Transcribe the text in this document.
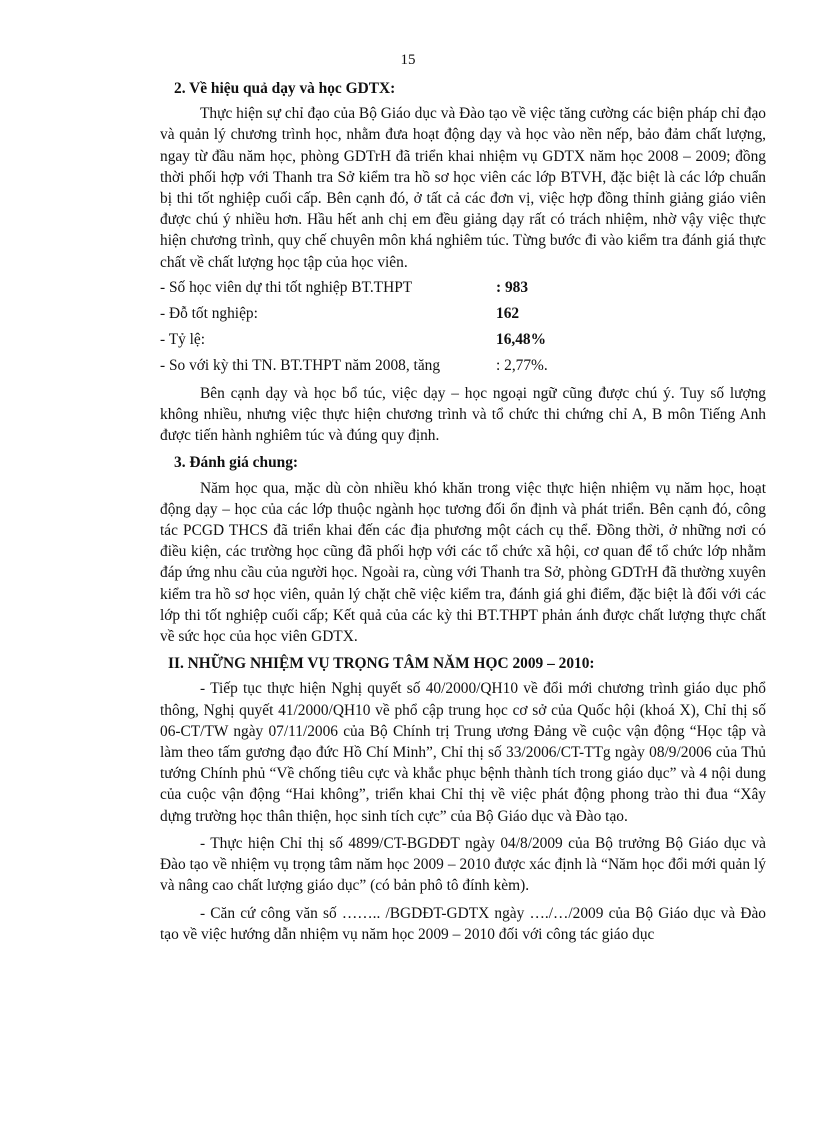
15
2. Về hiệu quả dạy và học GDTX:

Thực hiện sự chỉ đạo của Bộ Giáo dục và Đào tạo về việc tăng cường các biện pháp chỉ đạo và quản lý chương trình học, nhằm đưa hoạt động dạy và học vào nền nếp, bảo đảm chất lượng, ngay từ đầu năm học, phòng GDTrH đã triển khai nhiệm vụ GDTX năm học 2008 – 2009; đồng thời phối hợp với Thanh tra Sở kiểm tra hồ sơ học viên các lớp BTVH, đặc biệt là các lớp chuẩn bị thi tốt nghiệp cuối cấp. Bên cạnh đó, ở tất cả các đơn vị, việc hợp đồng thỉnh giảng giáo viên được chú ý nhiều hơn. Hầu hết anh chị em đều giảng dạy rất có trách nhiệm, nhờ vậy việc thực hiện chương trình, quy chế chuyên môn khá nghiêm túc. Từng bước đi vào kiểm tra đánh giá thực chất về chất lượng học tập của học viên.

- Số học viên dự thi tốt nghiệp BT.THPT	: 983
- Đỗ tốt nghiệp:	162
- Tỷ lệ:	16,48%
- So với kỳ thi TN. BT.THPT năm 2008, tăng	: 2,77%.

Bên cạnh dạy và học bổ túc, việc dạy – học ngoại ngữ cũng được chú ý. Tuy số lượng không nhiều, nhưng việc thực hiện chương trình và tổ chức thi chứng chỉ A, B môn Tiếng Anh được tiến hành nghiêm túc và đúng quy định.

3. Đánh giá chung:

Năm học qua, mặc dù còn nhiều khó khăn trong việc thực hiện nhiệm vụ năm học, hoạt động dạy – học của các lớp thuộc ngành học tương đối ổn định và phát triển. Bên cạnh đó, công tác PCGD THCS đã triển khai đến các địa phương một cách cụ thể. Đồng thời, ở những nơi có điều kiện, các trường học cũng đã phối hợp với các tổ chức xã hội, cơ quan để tổ chức lớp nhằm đáp ứng nhu cầu của người học. Ngoài ra, cùng với Thanh tra Sở, phòng GDTrH đã thường xuyên kiểm tra hồ sơ học viên, quản lý chặt chẽ việc kiểm tra, đánh giá ghi điểm, đặc biệt là đối với các lớp thi tốt nghiệp cuối cấp; Kết quả của các kỳ thi BT.THPT phản ánh được chất lượng thực chất về sức học của học viên GDTX.

II. NHỮNG NHIỆM VỤ TRỌNG TÂM NĂM HỌC 2009 – 2010:

- Tiếp tục thực hiện Nghị quyết số 40/2000/QH10 về đổi mới chương trình giáo dục phổ thông, Nghị quyết 41/2000/QH10 về phổ cập trung học cơ sở của Quốc hội (khoá X), Chỉ thị số 06-CT/TW ngày 07/11/2006 của Bộ Chính trị Trung ương Đảng về cuộc vận động “Học tập và làm theo tấm gương đạo đức Hồ Chí Minh”, Chỉ thị số 33/2006/CT-TTg ngày 08/9/2006 của Thủ tướng Chính phủ “Về chống tiêu cực và khắc phục bệnh thành tích trong giáo dục” và 4 nội dung của cuộc vận động “Hai không”, triển khai Chỉ thị về việc phát động phong trào thi đua “Xây dựng trường học thân thiện, học sinh tích cực” của Bộ Giáo dục và Đào tạo.

- Thực hiện Chỉ thị số 4899/CT-BGDĐT ngày 04/8/2009 của Bộ trưởng Bộ Giáo dục và Đào tạo về nhiệm vụ trọng tâm năm học 2009 – 2010 được xác định là “Năm học đổi mới quản lý và nâng cao chất lượng giáo dục” (có bản phô tô đính kèm).

- Căn cứ công văn số …….. /BGDĐT-GDTX ngày …./…/2009 của Bộ Giáo dục và Đào tạo về việc hướng dẫn nhiệm vụ năm học 2009 – 2010 đối với công tác giáo dục
